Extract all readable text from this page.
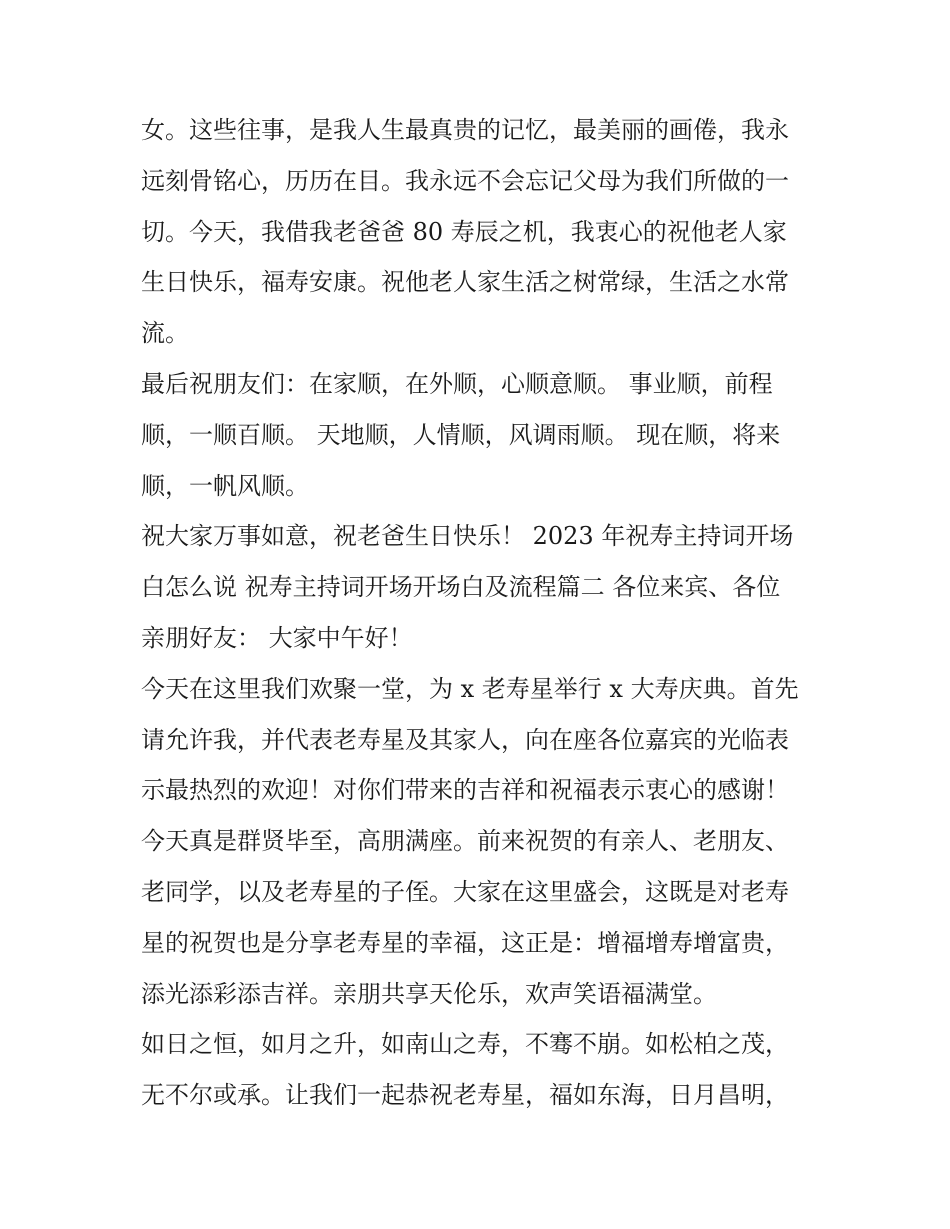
女。这些往事，是我人生最真贵的记忆，最美丽的画倦，我永
远刻骨铭心，历历在目。我永远不会忘记父母为我们所做的一
切。今天，我借我老爸爸 80 寿辰之机，我衷心的祝他老人家
生日快乐，福寿安康。祝他老人家生活之树常绿，生活之水常
流。
最后祝朋友们：在家顺，在外顺，心顺意顺。 事业顺，前程
顺，一顺百顺。 天地顺，人情顺，风调雨顺。 现在顺，将来
顺，一帆风顺。
祝大家万事如意，祝老爸生日快乐！ 2023 年祝寿主持词开场
白怎么说 祝寿主持词开场开场白及流程篇二 各位来宾、各位
亲朋好友： 大家中午好！
今天在这里我们欢聚一堂，为 x 老寿星举行 x 大寿庆典。首先
请允许我，并代表老寿星及其家人，向在座各位嘉宾的光临表
示最热烈的欢迎！对你们带来的吉祥和祝福表示衷心的感谢！
今天真是群贤毕至，高朋满座。前来祝贺的有亲人、老朋友、
老同学，以及老寿星的子侄。大家在这里盛会，这既是对老寿
星的祝贺也是分享老寿星的幸福，这正是：增福增寿增富贵，
添光添彩添吉祥。亲朋共享天伦乐，欢声笑语福满堂。
如日之恒，如月之升，如南山之寿，不骞不崩。如松柏之茂，
无不尔或承。让我们一起恭祝老寿星，福如东海，日月昌明，
